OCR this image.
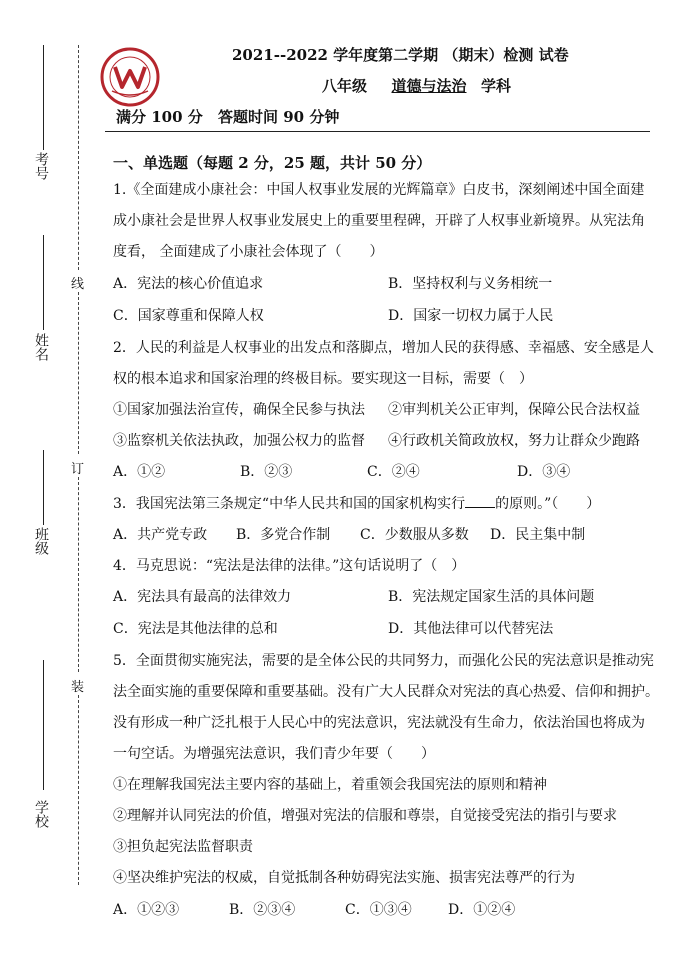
考号
姓名
班级
学校
线
订
装
2021--2022 学年度第二学期 （期末）检测 试卷
八年级 道德与法治 学科
满分 100 分 答题时间 90 分钟
一、单选题（每题 2 分，25 题，共计 50 分）
1.《全面建成小康社会：中国人权事业发展的光辉篇章》白皮书，深刻阐述中国全面建
成小康社会是世界人权事业发展史上的重要里程碑，开辟了人权事业新境界。从宪法角
度看， 全面建成了小康社会体现了（　　）
A．宪法的核心价值追求	B．坚持权利与义务相统一
C．国家尊重和保障人权	D．国家一切权力属于人民
2．人民的利益是人权事业的出发点和落脚点，增加人民的获得感、幸福感、安全感是人
权的根本追求和国家治理的终极目标。要实现这一目标，需要（　）
①国家加强法治宣传，确保全民参与执法 ②审判机关公正审判，保障公民合法权益
③监察机关依法执政，加强公权力的监督 ④行政机关简政放权，努力让群众少跑路
A．①②	B．②③	C．②④	D．③④
3．我国宪法第三条规定“中华人民共和国的国家机构实行 的原则。”（　　）
A．共产党专政 B．多党合作制 C．少数服从多数 D．民主集中制
4．马克思说：“宪法是法律的法律。”这句话说明了（　）
A．宪法具有最高的法律效力	B．宪法规定国家生活的具体问题
C．宪法是其他法律的总和	D．其他法律可以代替宪法
5．全面贯彻实施宪法，需要的是全体公民的共同努力，而强化公民的宪法意识是推动宪
法全面实施的重要保障和重要基础。没有广大人民群众对宪法的真心热爱、信仰和拥护。
没有形成一种广泛扎根于人民心中的宪法意识，宪法就没有生命力，依法治国也将成为
一句空话。为增强宪法意识，我们青少年要（　　）
①在理解我国宪法主要内容的基础上，着重领会我国宪法的原则和精神
②理解并认同宪法的价值，增强对宪法的信服和尊崇，自觉接受宪法的指引与要求
③担负起宪法监督职责
④坚决维护宪法的权威，自觉抵制各种妨碍宪法实施、损害宪法尊严的行为
A．①②③	B．②③④	C．①③④	D．①②④
